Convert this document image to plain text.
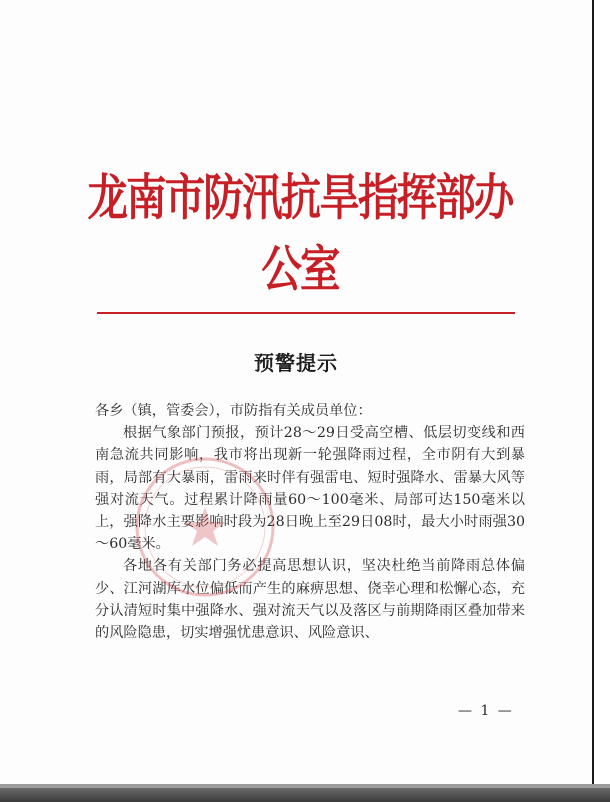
龙南市防汛抗旱指挥部办公室
预警提示

各乡（镇，管委会），市防指有关成员单位：

根据气象部门预报，预计28～29日受高空槽、低层切变线和西南急流共同影响，我市将出现新一轮强降雨过程，全市阴有大到暴雨，局部有大暴雨，雷雨来时伴有强雷电、短时强降水、雷暴大风等强对流天气。过程累计降雨量60～100毫米、局部可达150毫米以上，强降水主要影响时段为28日晚上至29日08时，最大小时雨强30～60毫米。

各地各有关部门务必提高思想认识，坚决杜绝当前降雨总体偏少、江河湖库水位偏低而产生的麻痹思想、侥幸心理和松懈心态，充分认清短时集中强降水、强对流天气以及落区与前期降雨区叠加带来的风险隐患，切实增强忧患意识、风险意识、

— 1 —
